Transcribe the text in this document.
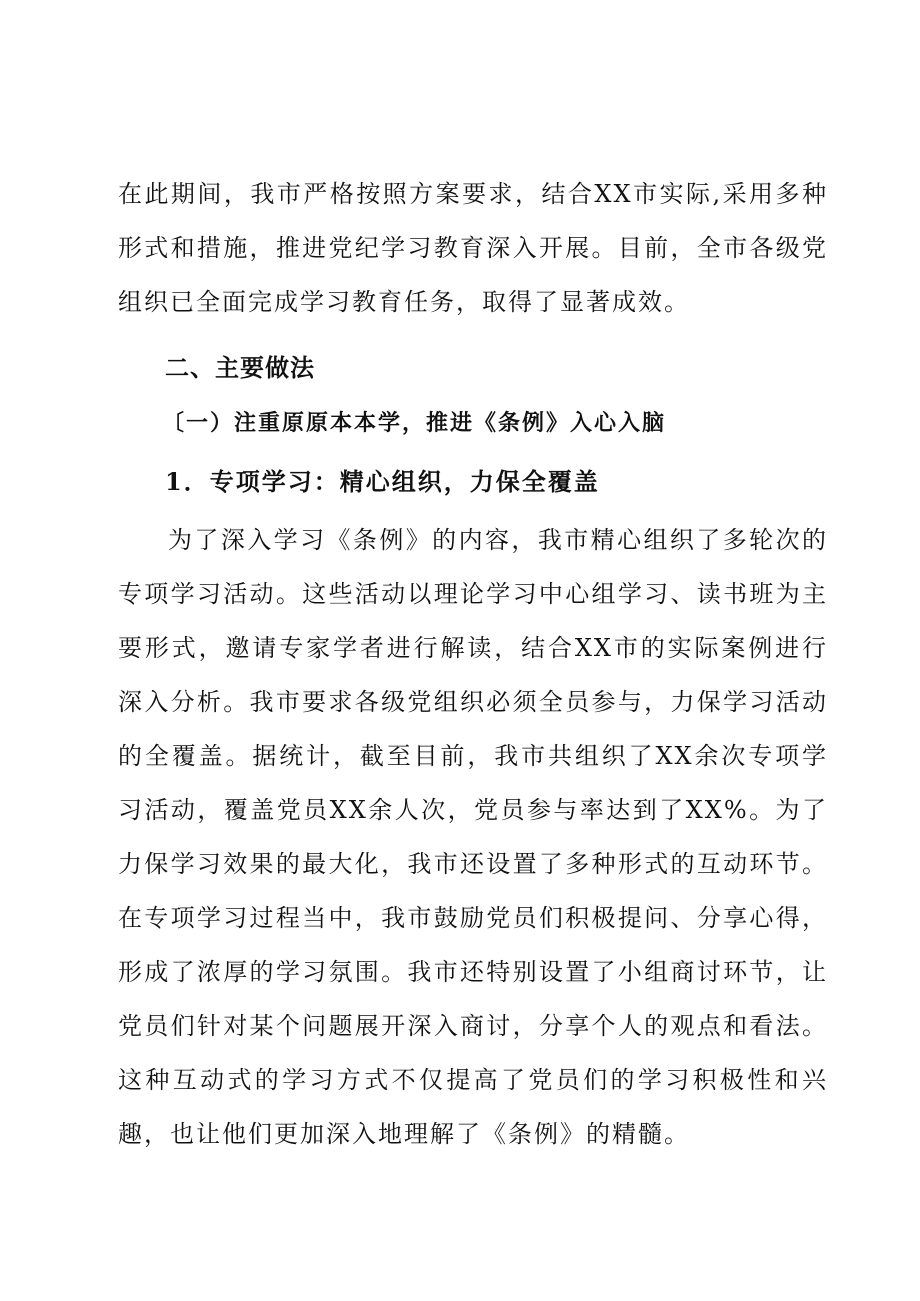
在此期间，我市严格按照方案要求，结合XX市实际,采用多种形式和措施，推进党纪学习教育深入开展。目前，全市各级党组织已全面完成学习教育任务，取得了显著成效。

二、主要做法
〔一）注重原原本本学，推进《条例》入心入脑
1．专项学习：精心组织，力保全覆盖

为了深入学习《条例》的内容，我市精心组织了多轮次的专项学习活动。这些活动以理论学习中心组学习、读书班为主要形式，邀请专家学者进行解读，结合XX市的实际案例进行深入分析。我市要求各级党组织必须全员参与，力保学习活动的全覆盖。据统计，截至目前，我市共组织了XX余次专项学习活动，覆盖党员XX余人次，党员参与率达到了XX%。为了力保学习效果的最大化，我市还设置了多种形式的互动环节。在专项学习过程当中，我市鼓励党员们积极提问、分享心得，形成了浓厚的学习氛围。我市还特别设置了小组商讨环节，让党员们针对某个问题展开深入商讨，分享个人的观点和看法。这种互动式的学习方式不仅提高了党员们的学习积极性和兴趣，也让他们更加深入地理解了《条例》的精髓。
